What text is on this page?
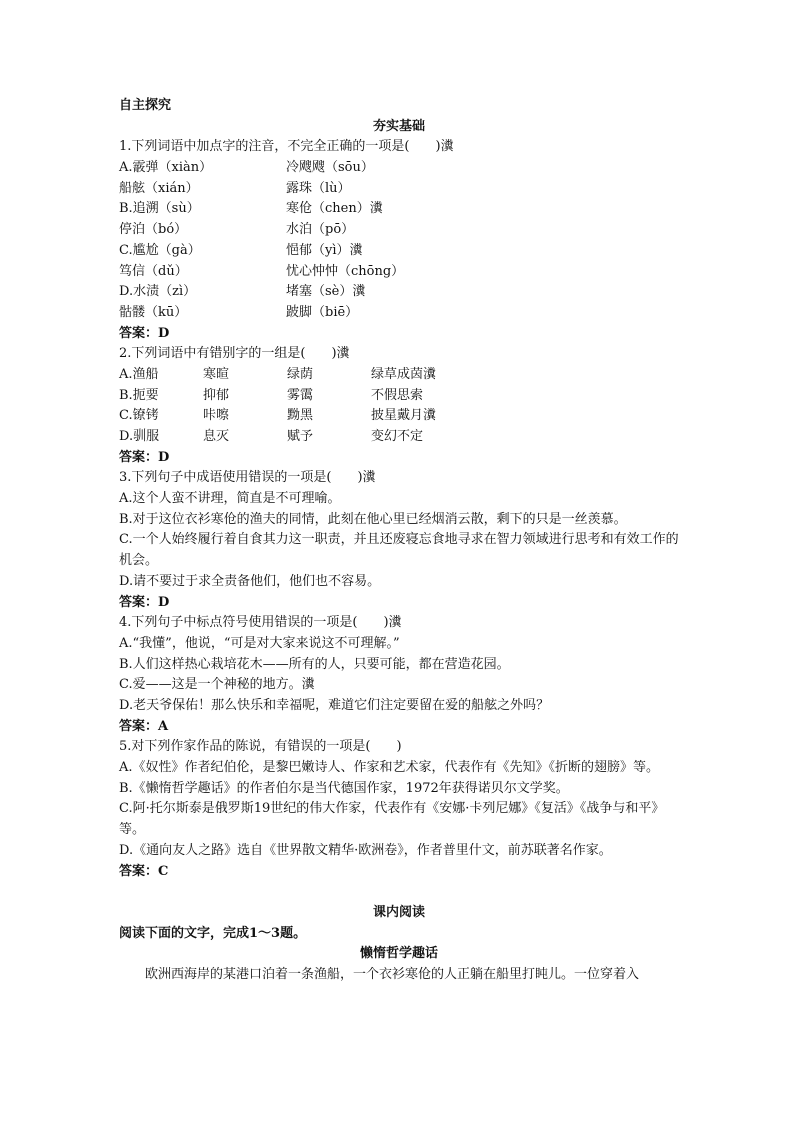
自主探究
夯实基础
1.下列词语中加点字的注音，不完全正确的一项是(　　)瀵
A.霰弹（xiàn）	冷飕飕（sōu）
船舷（xián）	露珠（lù）
B.追溯（sù）	寒伧（chen）瀵
停泊（bó）	水泊（pō）
C.尴尬（gà）	悒郁（yì）瀵
笃信（dǔ）	忧心忡忡（chōng）
D.水渍（zì）	堵塞（sè）瀵
骷髅（kū）	跛脚（biē）
答案：D
2.下列词语中有错别字的一组是(　　)瀵
A.渔船	寒暄	绿荫	绿草成茵瀵
B.扼要	抑郁	雾霭	不假思索
C.镣铐	咔嚓	黝黑	披星戴月瀵
D.驯服	息灭	赋予	变幻不定
答案：D
3.下列句子中成语使用错误的一项是(　　)瀵
A.这个人蛮不讲理，简直是不可理喻。
B.对于这位衣衫寒伧的渔夫的同情，此刻在他心里已经烟消云散，剩下的只是一丝羡慕。
C.一个人始终履行着自食其力这一职责，并且还废寝忘食地寻求在智力领域进行思考和有效工作的机会。
D.请不要过于求全责备他们，他们也不容易。
答案：D
4.下列句子中标点符号使用错误的一项是(　　)瀵
A.“我懂”，他说，“可是对大家来说这不可理解。”
B.人们这样热心栽培花木——所有的人，只要可能，都在营造花园。
C.爱——这是一个神秘的地方。瀵
D.老天爷保佑！那么快乐和幸福呢，难道它们注定要留在爱的船舷之外吗？
答案：A
5.对下列作家作品的陈说，有错误的一项是(　　)
A.《奴性》作者纪伯伦，是黎巴嫩诗人、作家和艺术家，代表作有《先知》《折断的翅膀》等。
B.《懒惰哲学趣话》的作者伯尔是当代德国作家，1972年获得诺贝尔文学奖。
C.阿·托尔斯泰是俄罗斯19世纪的伟大作家，代表作有《安娜·卡列尼娜》《复活》《战争与和平》等。
D.《通向友人之路》选自《世界散文精华·欧洲卷》，作者普里什文，前苏联著名作家。
答案：C
课内阅读
阅读下面的文字，完成1～3题。
懒惰哲学趣话
欧洲西海岸的某港口泊着一条渔船，一个衣衫寒伧的人正躺在船里打盹儿。一位穿着入
